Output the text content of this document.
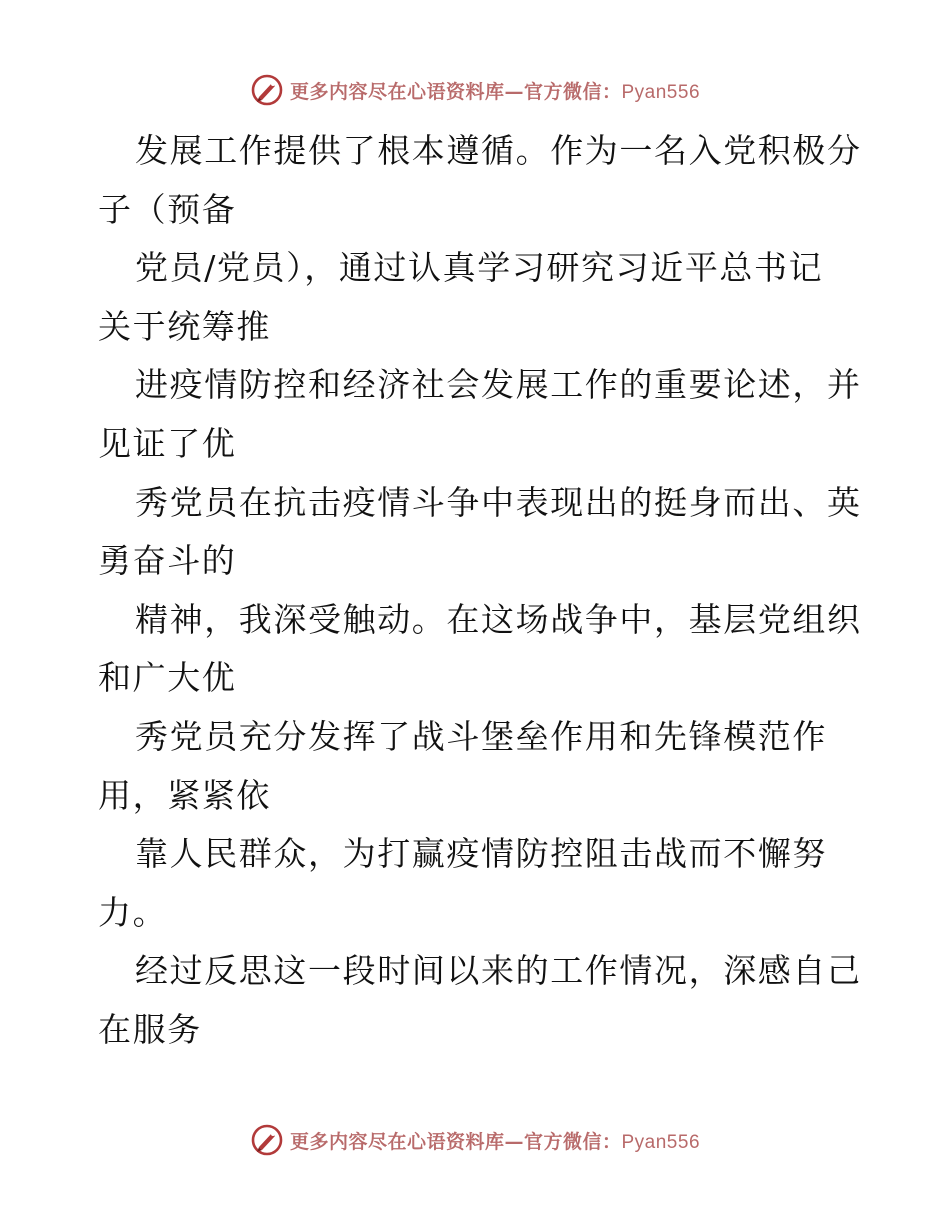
更多内容尽在心语资料库—官方微信：Pyan556
发展工作提供了根本遵循。作为一名入党积极分
子（预备
党员/党员），通过认真学习研究习近平总书记
关于统筹推
进疫情防控和经济社会发展工作的重要论述，并
见证了优
秀党员在抗击疫情斗争中表现出的挺身而出、英
勇奋斗的
精神，我深受触动。在这场战争中，基层党组织
和广大优
秀党员充分发挥了战斗堡垒作用和先锋模范作
用，紧紧依
靠人民群众，为打赢疫情防控阻击战而不懈努
力。
经过反思这一段时间以来的工作情况，深感自己
在服务
更多内容尽在心语资料库—官方微信：Pyan556
